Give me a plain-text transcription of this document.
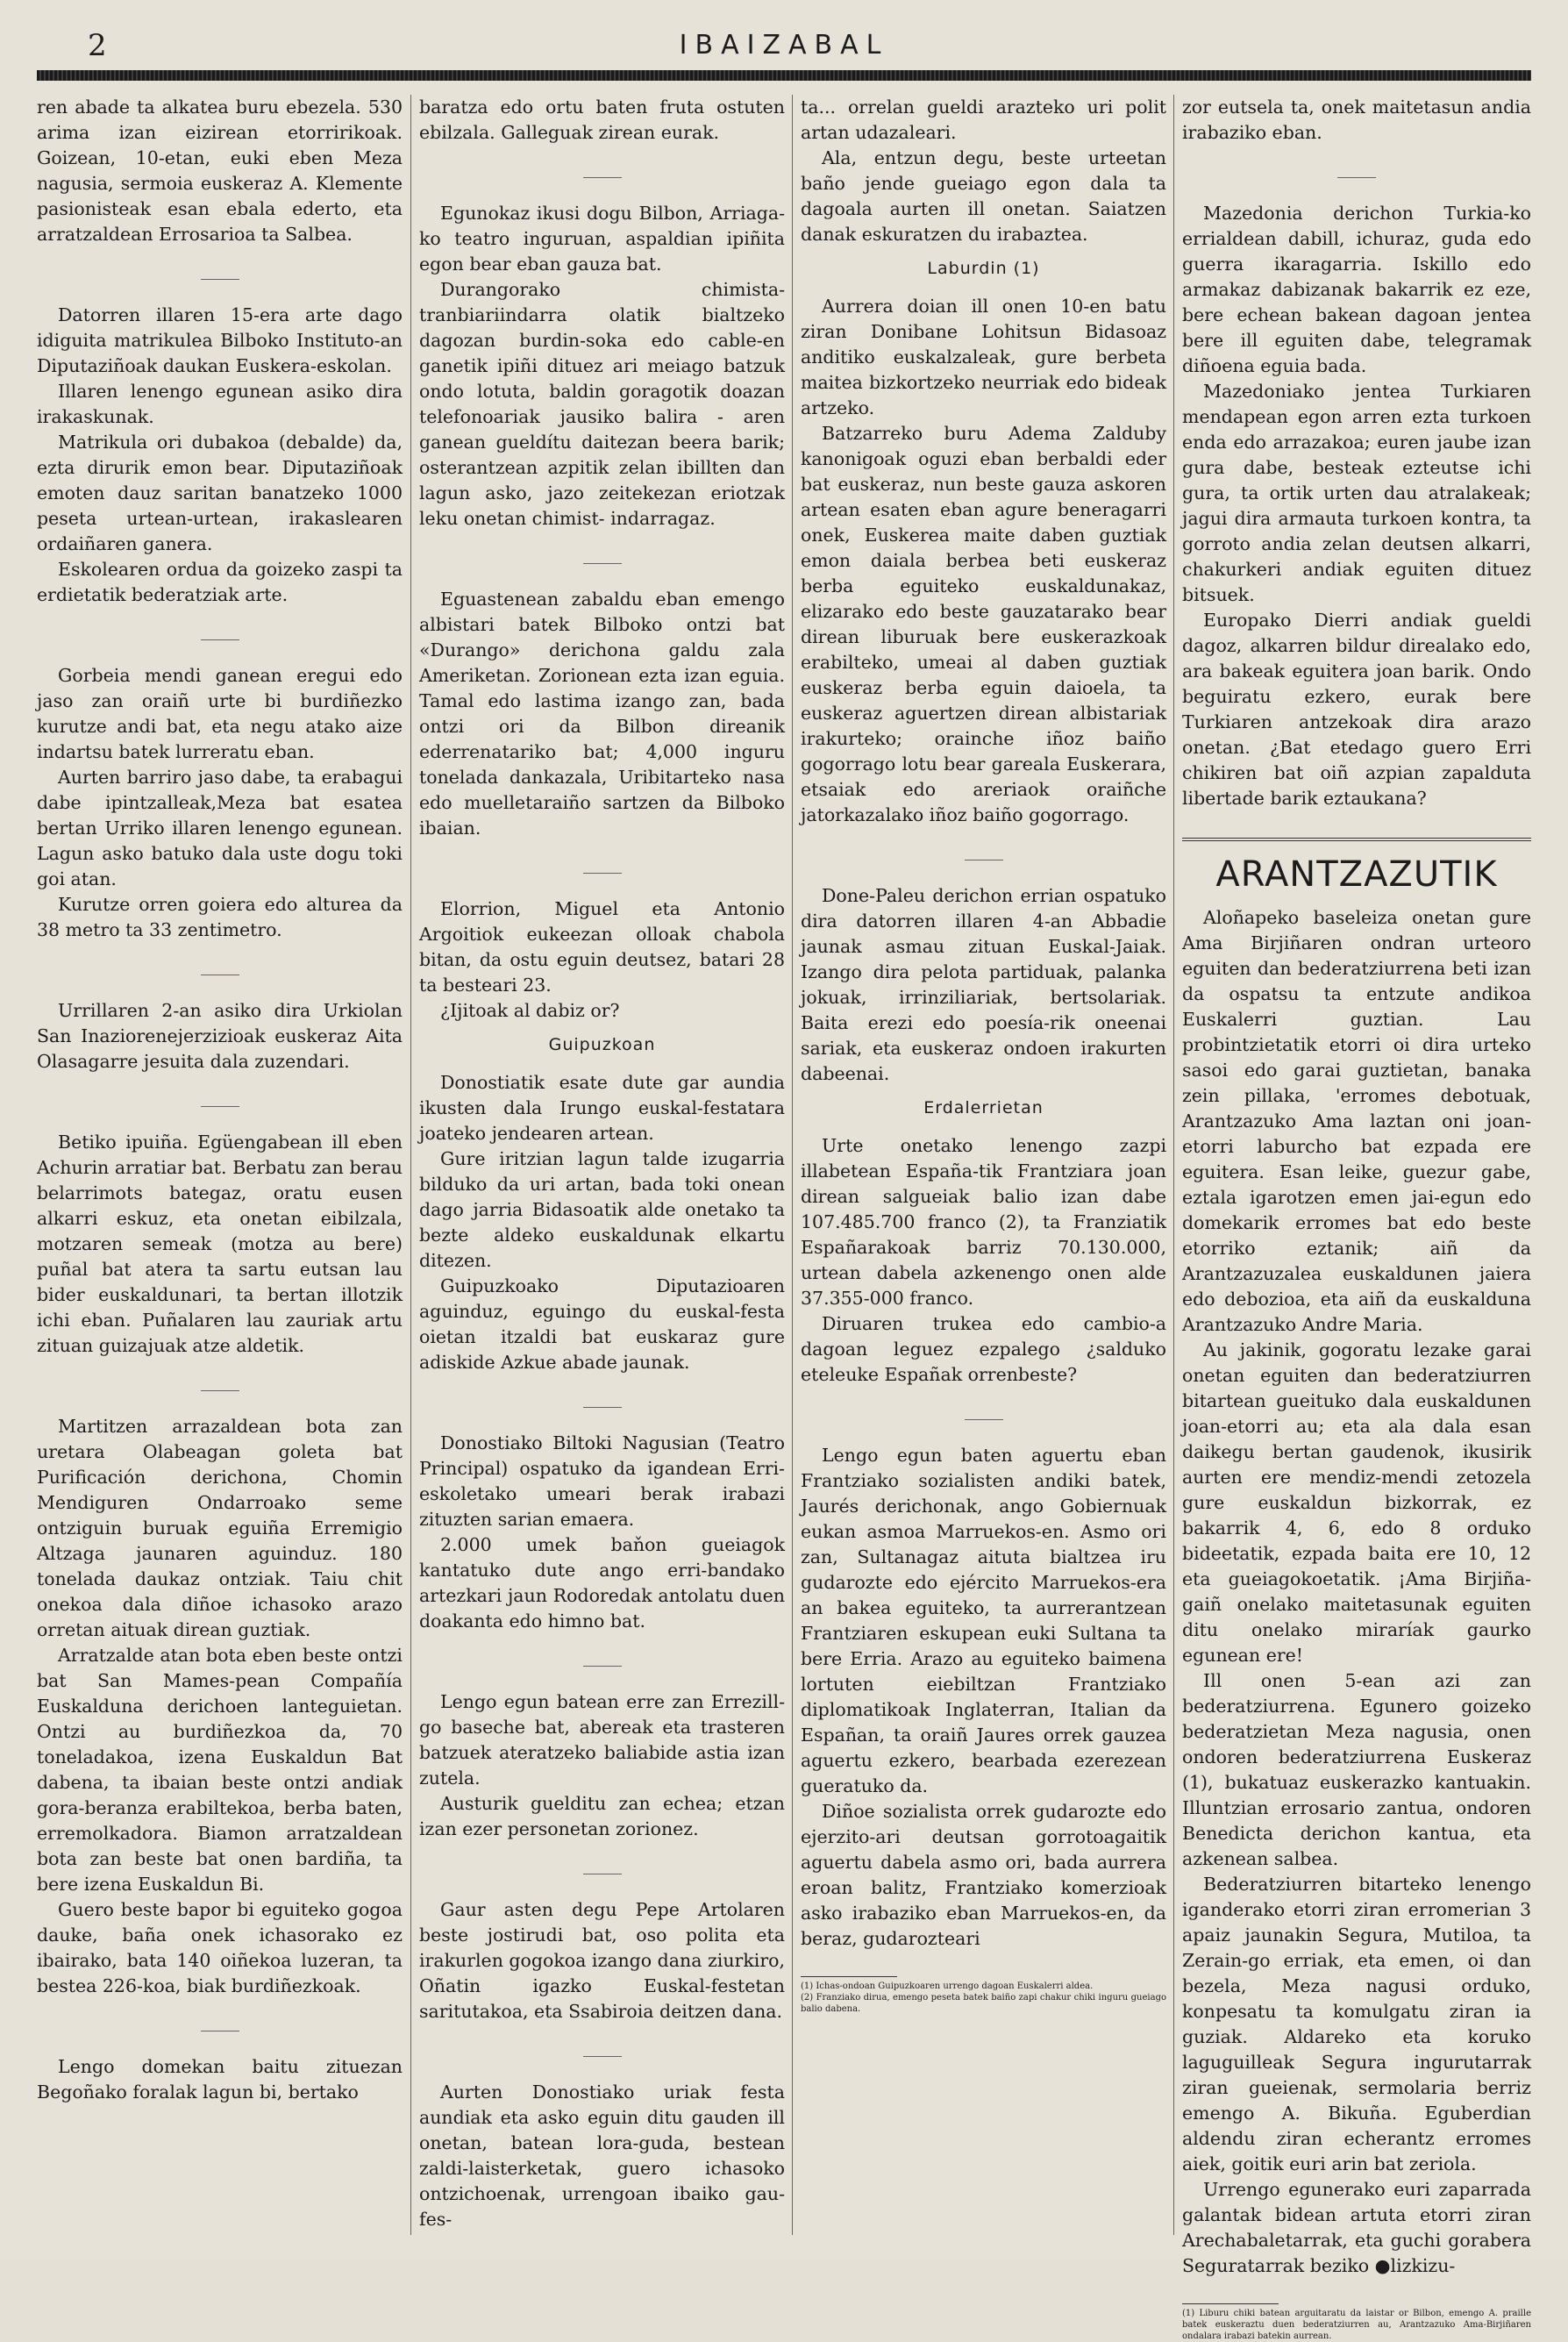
2	IBAIZABAL

ren abade ta alkatea buru ebezela. 530 arima izan eizirean etorririkoak. Goizean, 10-etan, euki eben Meza nagusia, sermoia euskeraz A. Klemente pasionisteak esan ebala ederto, eta arratzaldean Errosarioa ta Salbea.

Datorren illaren 15-era arte dago idiguita matrikulea Bilboko Instituto-an Diputaziñoak daukan Euskera-eskolan.

Illaren lenengo egunean asiko dira irakaskunak.

Matrikula ori dubakoa (debalde) da, ezta dirurik emon bear. Diputaziñoak emoten dauz saritan banatzeko 1000 peseta urtean-urtean, irakaslearen ordaiñaren ganera.

Eskolearen ordua da goizeko zaspi ta erdietatik bederatziak arte.

Gorbeia mendi ganean eregui edo jaso zan oraiñ urte bi burdiñezko kurutze andi bat, eta negu atako aize indartsu batek lurreratu eban.

Aurten barriro jaso dabe, ta erabagui dabe ipintzalleak,Meza bat esatea bertan Urriko illaren lenengo egunean. Lagun asko batuko dala uste dogu toki goi atan.

Kurutze orren goiera edo alturea da 38 metro ta 33 zentimetro.

Urrillaren 2-an asiko dira Urkiolan San Inaziorenejerzizioak euskeraz Aita Olasagarre jesuita dala zuzendari.

Betiko ipuiña. Egüengabean ill eben Achurin arratiar bat. Berbatu zan berau belarrimots bategaz, oratu eusen alkarri eskuz, eta onetan eibilzala, motzaren semeak (motza au bere) puñal bat atera ta sartu eutsan lau bider euskaldunari, ta bertan illotzik ichi eban. Puñalaren lau zauriak artu zituan guizajuak atze aldetik.

Martitzen arrazaldean bota zan uretara Olabeagan goleta bat Purificación derichona, Chomin Mendiguren Ondarroako seme ontziguin buruak eguiña Erremigio Altzaga jaunaren aguinduz. 180 tonelada daukaz ontziak. Taiu chit onekoa dala diñoe ichasoko arazo orretan aituak direan guztiak.

Arratzalde atan bota eben beste ontzi bat San Mames-pean Compañía Euskalduna derichoen lanteguietan. Ontzi au burdiñezkoa da, 70 toneladakoa, izena Euskaldun Bat dabena, ta ibaian beste ontzi andiak gora-beranza erabiltekoa, berba baten, erremolkadora. Biamon arratzaldean bota zan beste bat onen bardiña, ta bere izena Euskaldun Bi.

Guero beste bapor bi eguiteko gogoa dauke, baña onek ichasorako ez ibairako, bata 140 oiñekoa luzeran, ta bestea 226-koa, biak burdiñezkoak.

Lengo domekan baitu zituezan Begoñako foralak lagun bi, bertako

baratza edo ortu baten fruta ostuten ebilzala. Galleguak zirean eurak.

Egunokaz ikusi dogu Bilbon, Arriaga-ko teatro inguruan, aspaldian ipiñita egon bear eban gauza bat.

Durangorako chimista-tranbiariindarra olatik bialtzeko dagozan burdin-soka edo cable-en ganetik ipiñi dituez ari meiago batzuk ondo lotuta, baldin goragotik doazan telefonoariak jausiko balira - aren ganean gueldítu daitezan beera barik; osterantzean azpitik zelan ibillten dan lagun asko, jazo zeitekezan eriotzak leku onetan chimist- indarragaz.

Eguastenean zabaldu eban emengo albistari batek Bilboko ontzi bat «Durango» derichona galdu zala Ameriketan. Zorionean ezta izan eguia. Tamal edo lastima izango zan, bada ontzi ori da Bilbon direanik ederrenatariko bat; 4,000 inguru tonelada dankazala, Uribitarteko nasa edo muelletaraiño sartzen da Bilboko ibaian.

Elorrion, Miguel eta Antonio Argoitiok eukeezan olloak chabola bitan, da ostu eguin deutsez, batari 28 ta besteari 23.

¿Ijitoak al dabiz or?

Guipuzkoan

Donostiatik esate dute gar aundia ikusten dala Irungo euskal-festatara joateko jendearen artean.

Gure iritzian lagun talde izugarria bilduko da uri artan, bada toki onean dago jarria Bidasoatik alde onetako ta bezte aldeko euskaldunak elkartu ditezen.

Guipuzkoako Diputazioaren aguinduz, eguingo du euskal-festa oietan itzaldi bat euskaraz gure adiskide Azkue abade jaunak.

Donostiako Biltoki Nagusian (Teatro Principal) ospatuko da igandean Erri-eskoletako umeari berak irabazi zituzten sarian emaera.

2.000 umek baňon gueiagok kantatuko dute ango erri-bandako artezkari jaun Rodoredak antolatu duen doakanta edo himno bat.

Lengo egun batean erre zan Errezill-go baseche bat, abereak eta trasteren batzuek ateratzeko baliabide astia izan zutela.

Austurik guelditu zan echea; etzan izan ezer personetan zorionez.

Gaur asten degu Pepe Artolaren beste jostirudi bat, oso polita eta irakurlen gogokoa izango dana ziurkiro, Oñatin igazko Euskal-festetan saritutakoa, eta Ssabiroia deitzen dana.

Aurten Donostiako uriak festa aundiak eta asko eguin ditu gauden ill onetan, batean lora-guda, bestean zaldi-laisterketak, guero ichasoko ontzichoenak, urrengoan ibaiko gau-fes-

ta... orrelan gueldi arazteko uri polit artan udazaleari.

Ala, entzun degu, beste urteetan baño jende gueiago egon dala ta dagoala aurten ill onetan. Saiatzen danak eskuratzen du irabaztea.

Laburdin (1)

Aurrera doian ill onen 10-en batu ziran Donibane Lohitsun Bidasoaz anditiko euskalzaleak, gure berbeta maitea bizkortzeko neurriak edo bideak artzeko.

Batzarreko buru Adema Zalduby kanonigoak oguzi eban berbaldi eder bat euskeraz, nun beste gauza askoren artean esaten eban agure beneragarri onek, Euskerea maite daben guztiak emon daiala berbea beti euskeraz berba eguiteko euskaldunakaz, elizarako edo beste gauzatarako bear direan liburuak bere euskerazkoak erabilteko, umeai al daben guztiak euskeraz berba eguin daioela, ta euskeraz aguertzen direan albistariak irakurteko; orainche iñoz baiño gogorrago lotu bear gareala Euskerara, etsaiak edo areriaok oraiñche jatorkazalako iñoz baiño gogorrago.

Done-Paleu derichon errian ospatuko dira datorren illaren 4-an Abbadie jaunak asmau zituan Euskal-Jaiak. Izango dira pelota partiduak, palanka jokuak, irrinziliariak, bertsolariak. Baita erezi edo poesía-rik oneenai sariak, eta euskeraz ondoen irakurten dabeenai.

Erdalerrietan

Urte onetako lenengo zazpi illabetean España-tik Frantziara joan direan salgueiak balio izan dabe 107.485.700 franco (2), ta Franziatik Españarakoak barriz 70.130.000, urtean dabela azkenengo onen alde 37.355-000 franco.

Diruaren trukea edo cambio-a dagoan leguez ezpalego ¿salduko eteleuke Españak orrenbeste?

Lengo egun baten aguertu eban Frantziako sozialisten andiki batek, Jaurés derichonak, ango Gobiernuak eukan asmoa Marruekos-en. Asmo ori zan, Sultanagaz aituta bialtzea iru gudarozte edo ejército Marruekos-era an bakea eguiteko, ta aurrerantzean Frantziaren eskupean euki Sultana ta bere Erria. Arazo au eguiteko baimena lortuten eiebiltzan Frantziako diplomatikoak Inglaterran, Italian da Españan, ta oraiñ Jaures orrek gauzea aguertu ezkero, bearbada ezerezean gueratuko da.

Diñoe sozialista orrek gudarozte edo ejerzito-ari deutsan gorrotoagaitik aguertu dabela asmo ori, bada aurrera eroan balitz, Frantziako komerzioak asko irabaziko eban Marruekos-en, da beraz, gudarozteari

(1) Ichas-ondoan Guipuzkoaren urrengo dagoan Euskalerri aldea.
(2) Franziako dirua, emengo peseta batek baiño zapi chakur chiki inguru gueiago balio dabena.

zor eutsela ta, onek maitetasun andia irabaziko eban.

Mazedonia derichon Turkia-ko errialdean dabill, ichuraz, guda edo guerra ikaragarria. Iskillo edo armakaz dabizanak bakarrik ez eze, bere echean bakean dagoan jentea bere ill eguiten dabe, telegramak diñoena eguia bada.

Mazedoniako jentea Turkiaren mendapean egon arren ezta turkoen enda edo arrazakoa; euren jaube izan gura dabe, besteak ezteutse ichi gura, ta ortik urten dau atralakeak; jagui dira armauta turkoen kontra, ta gorroto andia zelan deutsen alkarri, chakurkeri andiak eguiten dituez bitsuek.

Europako Dierri andiak gueldi dagoz, alkarren bildur direalako edo, ara bakeak eguitera joan barik. Ondo beguiratu ezkero, eurak bere Turkiaren antzekoak dira arazo onetan. ¿Bat etedago guero Erri chikiren bat oiñ azpian zapalduta libertade barik eztaukana?

ARANTZAZUTIK

Aloñapeko baseleiza onetan gure Ama Birjiñaren ondran urteoro eguiten dan bederatziurrena beti izan da ospatsu ta entzute andikoa Euskalerri guztian. Lau probintzietatik etorri oi dira urteko sasoi edo garai guztietan, banaka zein pillaka, 'erromes debotuak, Arantzazuko Ama laztan oni joan-etorri laburcho bat ezpada ere eguitera. Esan leike, guezur gabe, eztala igarotzen emen jai-egun edo domekarik erromes bat edo beste etorriko eztanik; aiñ da Arantzazuzalea euskaldunen jaiera edo debozioa, eta aiñ da euskalduna Arantzazuko Andre Maria.

Au jakinik, gogoratu lezake garai onetan eguiten dan bederatziurren bitartean gueituko dala euskaldunen joan-etorri au; eta ala dala esan daikegu bertan gaudenok, ikusirik aurten ere mendiz-mendi zetozela gure euskaldun bizkorrak, ez bakarrik 4, 6, edo 8 orduko bideetatik, ezpada baita ere 10, 12 eta gueiagokoetatik. ¡Ama Birjiña-gaiñ onelako maitetasunak eguiten ditu onelako miraríak gaurko egunean ere!

Ill onen 5-ean azi zan bederatziurrena. Egunero goizeko bederatzietan Meza nagusia, onen ondoren bederatziurrena Euskeraz (1), bukatuaz euskerazko kantuakin. Illuntzian errosario zantua, ondoren Benedicta derichon kantua, eta azkenean salbea.

Bederatziurren bitarteko lenengo iganderako etorri ziran erromerian 3 apaiz jaunakin Segura, Mutiloa, ta Zerain-go erriak, eta emen, oi dan bezela, Meza nagusi orduko, konpesatu ta komulgatu ziran ia guziak. Aldareko eta koruko laguguilleak Segura ingurutarrak ziran gueienak, sermolaria berriz emengo A. Bikuña. Eguberdian aldendu ziran echerantz erromes aiek, goitik euri arin bat zeriola.

Urrengo egunerako euri zaparrada galantak bidean artuta etorri ziran Arechabaletarrak, eta guchi gorabera Seguratarrak beziko ●lizkizu-

(1) Liburu chiki batean arguitaratu da laistar or Bilbon, emengo A. praille batek euskeraztu duen bederatziurren au, Arantzazuko Ama-Birjiñaren ondalara irabazi batekin aurrean.
